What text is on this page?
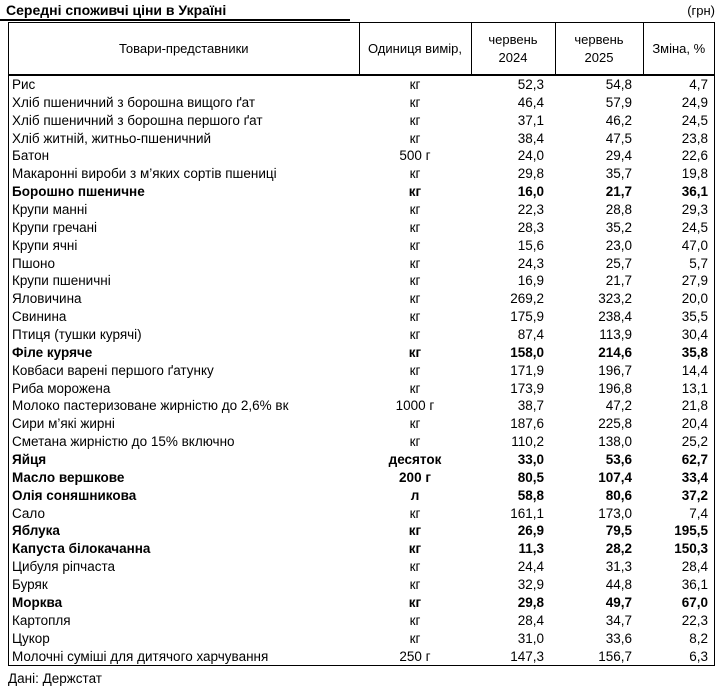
Середні споживчі ціни в Україні	(грн)
Товари-представники	Одиниця вимір,	червень 2024	червень 2025	Зміна, %
Рис	кг	52,3	54,8	4,7
Хліб пшеничний з борошна вищого ґат	кг	46,4	57,9	24,9
Хліб пшеничний з борошна першого ґат	кг	37,1	46,2	24,5
Хліб житній, житньо-пшеничний	кг	38,4	47,5	23,8
Батон	500 г	24,0	29,4	22,6
Макаронні вироби з м’яких сортів пшениці	кг	29,8	35,7	19,8
Борошно пшеничне	кг	16,0	21,7	36,1
Крупи манні	кг	22,3	28,8	29,3
Крупи гречані	кг	28,3	35,2	24,5
Крупи ячні	кг	15,6	23,0	47,0
Пшоно	кг	24,3	25,7	5,7
Крупи пшеничні	кг	16,9	21,7	27,9
Яловичина	кг	269,2	323,2	20,0
Свинина	кг	175,9	238,4	35,5
Птиця (тушки курячі)	кг	87,4	113,9	30,4
Філе куряче	кг	158,0	214,6	35,8
Ковбаси варені першого ґатунку	кг	171,9	196,7	14,4
Риба морожена	кг	173,9	196,8	13,1
Молоко пастеризоване жирністю до 2,6% вк	1000 г	38,7	47,2	21,8
Сири м’які жирні	кг	187,6	225,8	20,4
Сметана жирністю до 15% включно	кг	110,2	138,0	25,2
Яйця	десяток	33,0	53,6	62,7
Масло вершкове	200 г	80,5	107,4	33,4
Олія соняшникова	л	58,8	80,6	37,2
Сало	кг	161,1	173,0	7,4
Яблука	кг	26,9	79,5	195,5
Капуста білокачанна	кг	11,3	28,2	150,3
Цибуля ріпчаста	кг	24,4	31,3	28,4
Буряк	кг	32,9	44,8	36,1
Морква	кг	29,8	49,7	67,0
Картопля	кг	28,4	34,7	22,3
Цукор	кг	31,0	33,6	8,2
Молочні суміші для дитячого харчування	250 г	147,3	156,7	6,3
Дані: Держстат
